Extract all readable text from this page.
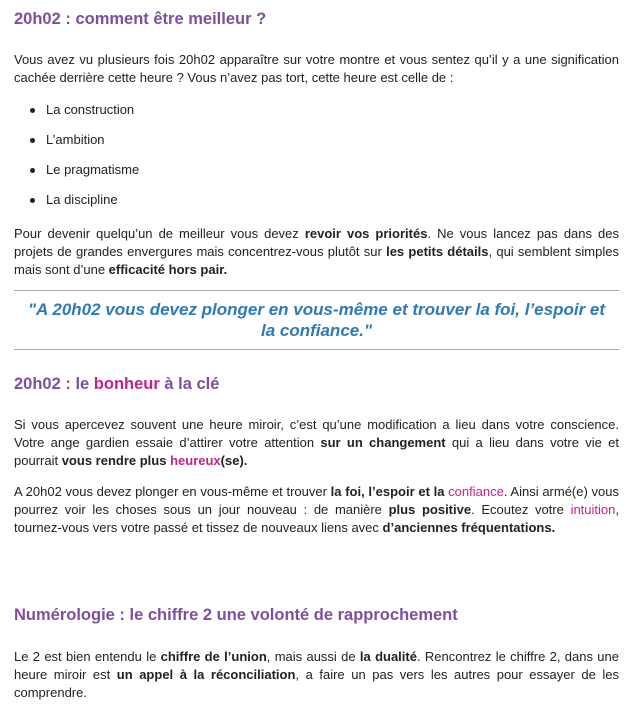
20h02 : comment être meilleur ?

Vous avez vu plusieurs fois 20h02 apparaître sur votre montre et vous sentez qu’il y a une signification cachée derrière cette heure ? Vous n’avez pas tort, cette heure est celle de :

La construction
L’ambition
Le pragmatisme
La discipline

Pour devenir quelqu’un de meilleur vous devez revoir vos priorités. Ne vous lancez pas dans des projets de grandes envergures mais concentrez-vous plutôt sur les petits détails, qui semblent simples mais sont d’une efficacité hors pair.

"A 20h02 vous devez plonger en vous-même et trouver la foi, l’espoir et la confiance."
20h02 : le bonheur à la clé

Si vous apercevez souvent une heure miroir, c’est qu’une modification a lieu dans votre conscience. Votre ange gardien essaie d’attirer votre attention sur un changement qui a lieu dans votre vie et pourrait vous rendre plus heureux(se).

A 20h02 vous devez plonger en vous-même et trouver la foi, l’espoir et la confiance. Ainsi armé(e) vous pourrez voir les choses sous un jour nouveau : de manière plus positive. Ecoutez votre intuition, tournez-vous vers votre passé et tissez de nouveaux liens avec d’anciennes fréquentations.

Numérologie : le chiffre 2 une volonté de rapprochement

Le 2 est bien entendu le chiffre de l’union, mais aussi de la dualité. Rencontrez le chiffre 2, dans une heure miroir est un appel à la réconciliation, a faire un pas vers les autres pour essayer de les comprendre.
